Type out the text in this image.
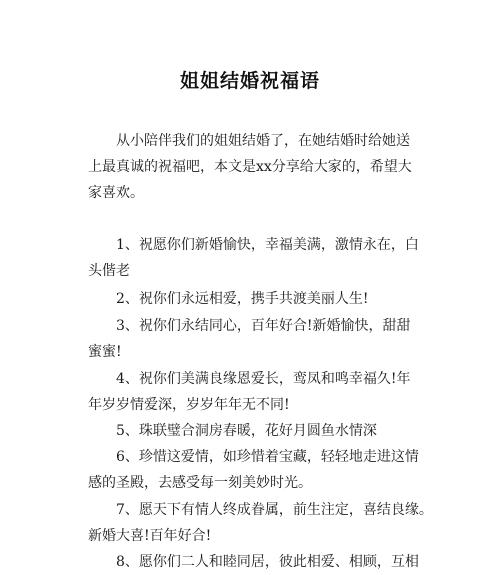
姐姐结婚祝福语
　　从小陪伴我们的姐姐结婚了，在她结婚时给她送
上最真诚的祝福吧，本文是xx分享给大家的，希望大
家喜欢。
　　1、祝愿你们新婚愉快，幸福美满，激情永在，白
头偕老
　　2、祝你们永远相爱，携手共渡美丽人生!
　　3、祝你们永结同心，百年好合!新婚愉快，甜甜
蜜蜜!
　　4、祝你们美满良缘恩爱长，鸾凤和鸣幸福久!年
年岁岁情爱深，岁岁年年无不同!
　　5、珠联璧合洞房春暖，花好月圆鱼水情深
　　6、珍惜这爱情，如珍惜着宝藏，轻轻地走进这情
感的圣殿，去感受每一刻美妙时光。
　　7、愿天下有情人终成眷属，前生注定，喜结良缘。
新婚大喜!百年好合!
　　8、愿你们二人和睦同居，彼此相爱、相顾，互相
